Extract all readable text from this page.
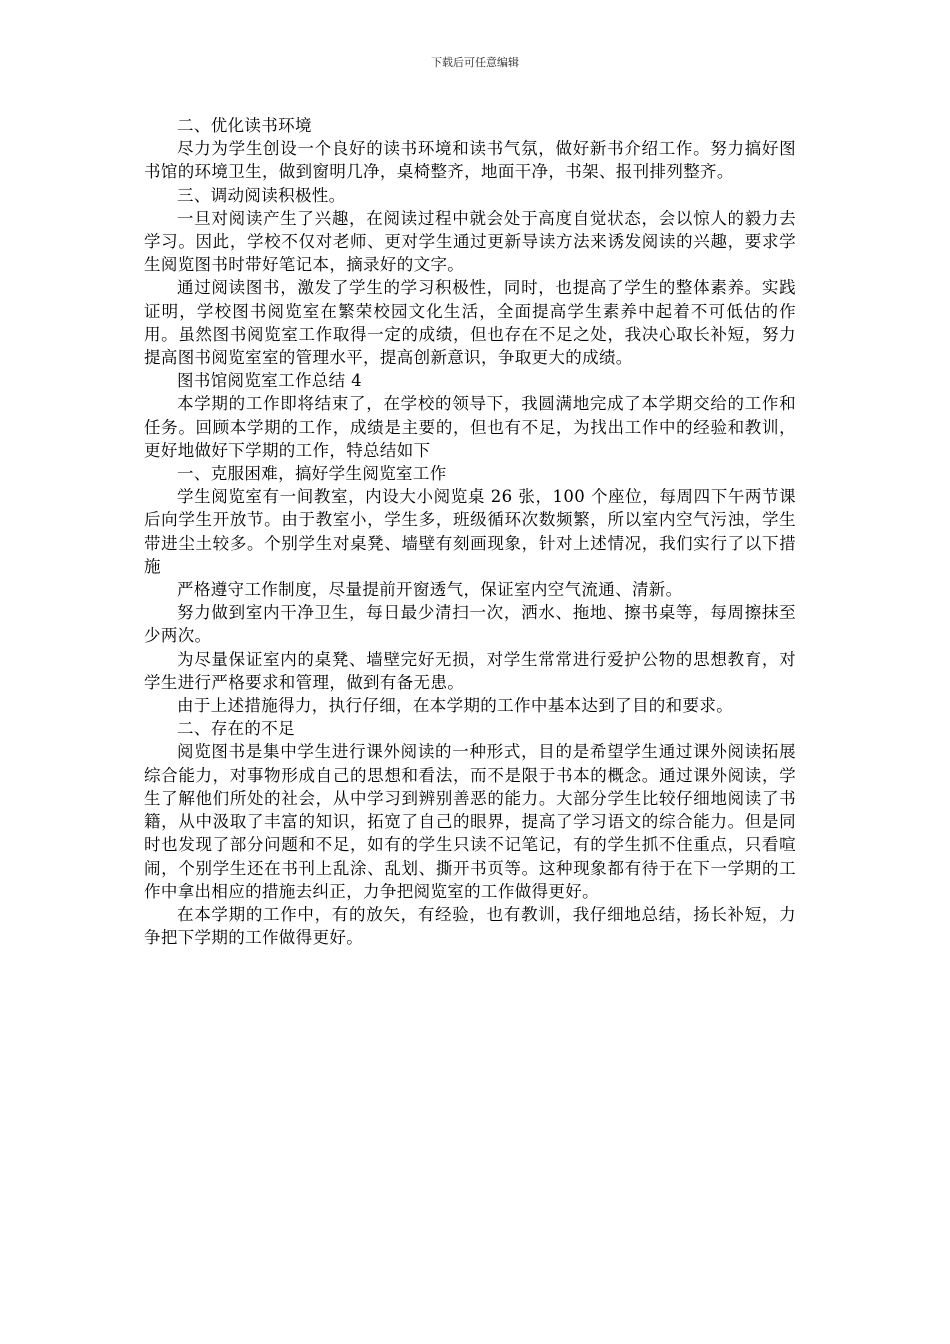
下载后可任意编辑

二、优化读书环境

尽力为学生创设一个良好的读书环境和读书气氛，做好新书介绍工作。努力搞好图书馆的环境卫生，做到窗明几净，桌椅整齐，地面干净，书架、报刊排列整齐。

三、调动阅读积极性。

一旦对阅读产生了兴趣，在阅读过程中就会处于高度自觉状态，会以惊人的毅力去学习。因此，学校不仅对老师、更对学生通过更新导读方法来诱发阅读的兴趣，要求学生阅览图书时带好笔记本，摘录好的文字。

通过阅读图书，激发了学生的学习积极性，同时，也提高了学生的整体素养。实践证明，学校图书阅览室在繁荣校园文化生活，全面提高学生素养中起着不可低估的作用。虽然图书阅览室工作取得一定的成绩，但也存在不足之处，我决心取长补短，努力提高图书阅览室室的管理水平，提高创新意识，争取更大的成绩。

图书馆阅览室工作总结 4

本学期的工作即将结束了，在学校的领导下，我圆满地完成了本学期交给的工作和任务。回顾本学期的工作，成绩是主要的，但也有不足，为找出工作中的经验和教训，更好地做好下学期的工作，特总结如下

一、克服困难，搞好学生阅览室工作

学生阅览室有一间教室，内设大小阅览桌 26 张，100 个座位，每周四下午两节课后向学生开放节。由于教室小，学生多，班级循环次数频繁，所以室内空气污浊，学生带进尘土较多。个别学生对桌凳、墙壁有刻画现象，针对上述情况，我们实行了以下措施

严格遵守工作制度，尽量提前开窗透气，保证室内空气流通、清新。

努力做到室内干净卫生，每日最少清扫一次，洒水、拖地、擦书桌等，每周擦抹至少两次。

为尽量保证室内的桌凳、墙壁完好无损，对学生常常进行爱护公物的思想教育，对学生进行严格要求和管理，做到有备无患。

由于上述措施得力，执行仔细，在本学期的工作中基本达到了目的和要求。

二、存在的不足

阅览图书是集中学生进行课外阅读的一种形式，目的是希望学生通过课外阅读拓展综合能力，对事物形成自己的思想和看法，而不是限于书本的概念。通过课外阅读，学生了解他们所处的社会，从中学习到辨别善恶的能力。大部分学生比较仔细地阅读了书籍，从中汲取了丰富的知识，拓宽了自己的眼界，提高了学习语文的综合能力。但是同时也发现了部分问题和不足，如有的学生只读不记笔记，有的学生抓不住重点，只看喧闹，个别学生还在书刊上乱涂、乱划、撕开书页等。这种现象都有待于在下一学期的工作中拿出相应的措施去纠正，力争把阅览室的工作做得更好。

在本学期的工作中，有的放矢，有经验，也有教训，我仔细地总结，扬长补短，力争把下学期的工作做得更好。
